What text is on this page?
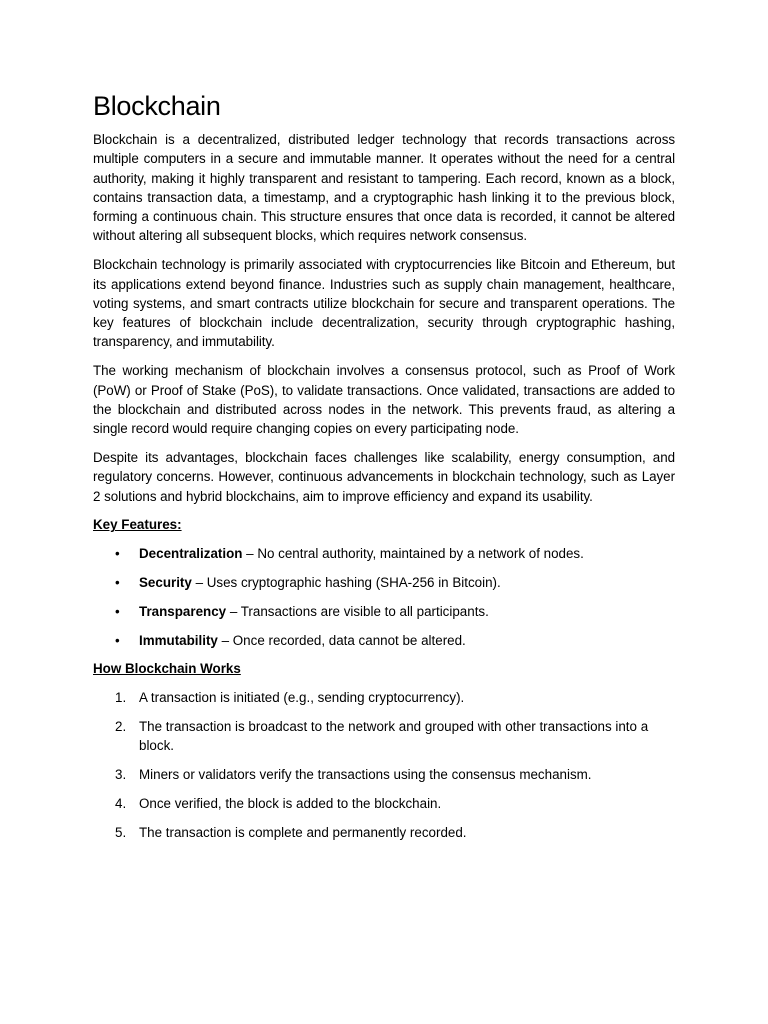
Blockchain

Blockchain is a decentralized, distributed ledger technology that records transactions across multiple computers in a secure and immutable manner. It operates without the need for a central authority, making it highly transparent and resistant to tampering. Each record, known as a block, contains transaction data, a timestamp, and a cryptographic hash linking it to the previous block, forming a continuous chain. This structure ensures that once data is recorded, it cannot be altered without altering all subsequent blocks, which requires network consensus.

Blockchain technology is primarily associated with cryptocurrencies like Bitcoin and Ethereum, but its applications extend beyond finance. Industries such as supply chain management, healthcare, voting systems, and smart contracts utilize blockchain for secure and transparent operations. The key features of blockchain include decentralization, security through cryptographic hashing, transparency, and immutability.

The working mechanism of blockchain involves a consensus protocol, such as Proof of Work (PoW) or Proof of Stake (PoS), to validate transactions. Once validated, transactions are added to the blockchain and distributed across nodes in the network. This prevents fraud, as altering a single record would require changing copies on every participating node.

Despite its advantages, blockchain faces challenges like scalability, energy consumption, and regulatory concerns. However, continuous advancements in blockchain technology, such as Layer 2 solutions and hybrid blockchains, aim to improve efficiency and expand its usability.

Key Features:
• Decentralization – No central authority, maintained by a network of nodes.
• Security – Uses cryptographic hashing (SHA-256 in Bitcoin).
• Transparency – Transactions are visible to all participants.
• Immutability – Once recorded, data cannot be altered.
How Blockchain Works
1. A transaction is initiated (e.g., sending cryptocurrency).
2. The transaction is broadcast to the network and grouped with other transactions into a block.
3. Miners or validators verify the transactions using the consensus mechanism.
4. Once verified, the block is added to the blockchain.
5. The transaction is complete and permanently recorded.
